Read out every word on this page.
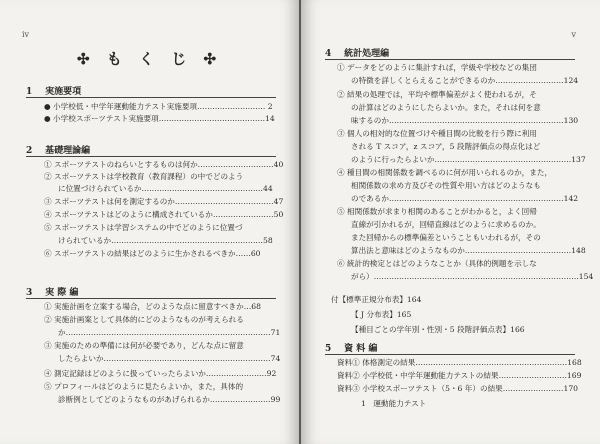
iv
✣ も く じ ✣
1 実施要項
● 小学校低・中学年運動能力テスト実施要項……………………… 2
● 小学校スポーツテスト実施要項……………………………………14
2 基礎理論編
① スポーツテストのねらいとするものは何か…………………………40
② スポーツテストは学校教育（教育課程）の中でどのよう
に位置づけられているか…………………………………………44
③ スポーツテストは何を測定するのか…………………………………47
④ スポーツテストはどのように構成されているか……………………50
⑤ スポーツテストは学習システムの中でどのように位置づ
けられているか……………………………………………………58
⑥ スポーツテストの結果はどのように生かされるべきか……60
3 実 際 編
① 実施計画を立案する場合，どのような点に留意すべきか…68
② 実施計画案として具体的にどのようなものが考えられる
か………………………………………………………………………71
③ 実施のための準備には何が必要であり，どんな点に留意
したらよいか…………………………………………………………74
④ 測定記録はどのように扱っていったらよいか……………………92
⑤ プロフィールはどのように見たらよいか，また，具体的
診断例としてどのようなものがあげられるか……………………99
v
4 統計処理編
① データをどのように集計すれば，学級や学校などの集団
の特徴を詳しくとらえることができるのか………………………124
② 結果の処理では，平均や標準偏差がよく使われるが，そ
の計算はどのようにしたらよいか。また，それは何を意
味するのか……………………………………………………………130
③ 個人の相対的な位置づけや種目間の比較を行う際に利用
される T スコア，z スコア，5 段階評価点の得点化はど
のように行ったらよいか………………………………………………137
④ 種目間の相関係数を調べるのに何が用いられるのか，また，
相関係数の求め方及びその性質や用い方はどのようなも
のであるか……………………………………………………………142
⑤ 相関係数が求まり相関のあることがわかると，よく回帰
直線が引かれるが，回帰直線はどのように求めるのか。
また回帰からの標準偏差ということもいわれるが，その
算出法と意味はどのようなものか……………………………………148
⑥ 統計的検定とはどのようなことか（具体的例題を示しな
がら）………………………………………………………………………154
付【標準正規分布表】164
【 J 分布表】165
【種目ごとの学年別・性別・5 段階評価点表】166
5 資 料 編
資料① 体格測定の結果……………………………………………………168
資料② 小学校低・中学年運動能力テストの結果………………………169
資料③ 小学校スポーツテスト（5・6 年）の結果……………………170
1　運動能力テスト
